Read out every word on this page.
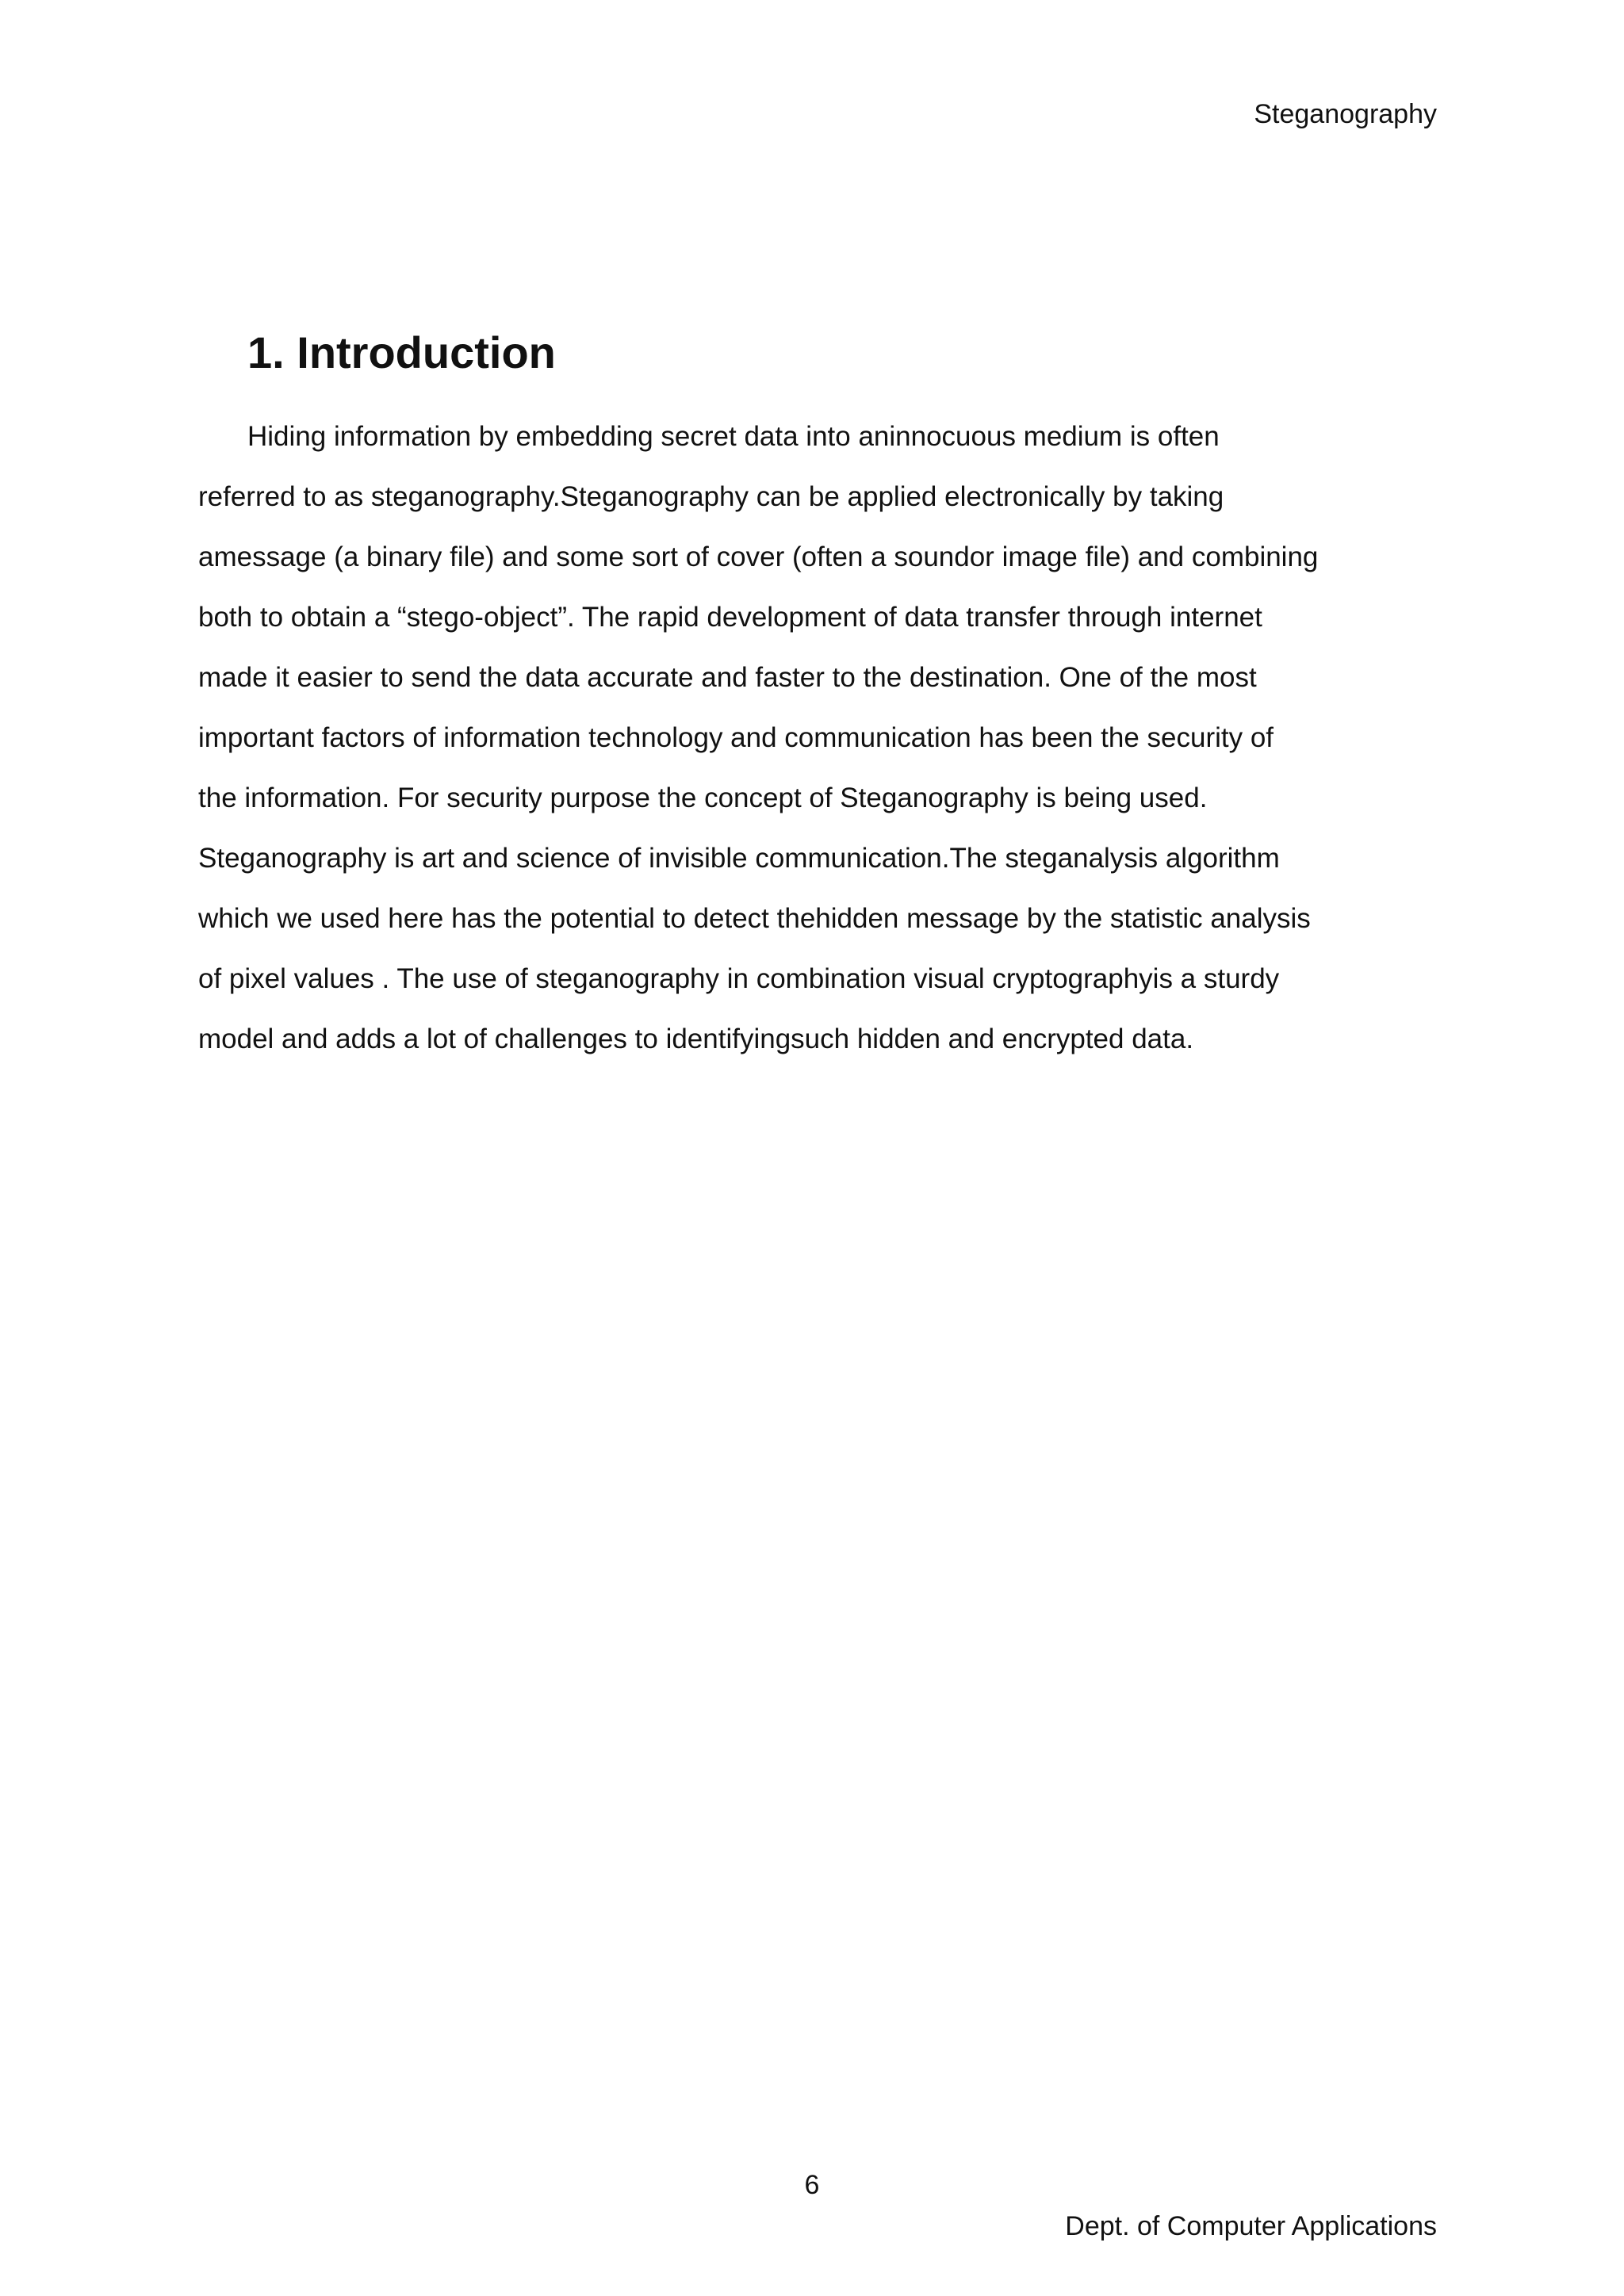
Steganography
1. Introduction
Hiding information by embedding secret data into aninnocuous medium is often
referred to as steganography.Steganography can be applied electronically by taking
amessage (a binary file) and some sort of cover (often a soundor image file) and combining
both to obtain a “stego-object”. The rapid development of data transfer through internet
made it easier to send the data accurate and faster to the destination. One of the most
important factors of information technology and communication has been the security of
the information. For security purpose the concept of Steganography is being used.
Steganography is art and science of invisible communication.The steganalysis algorithm
which we used here has the potential to detect thehidden message by the statistic analysis
of pixel values . The use of steganography in combination visual cryptographyis a sturdy
model and adds a lot of challenges to identifyingsuch hidden and encrypted data.
6
Dept. of Computer Applications
